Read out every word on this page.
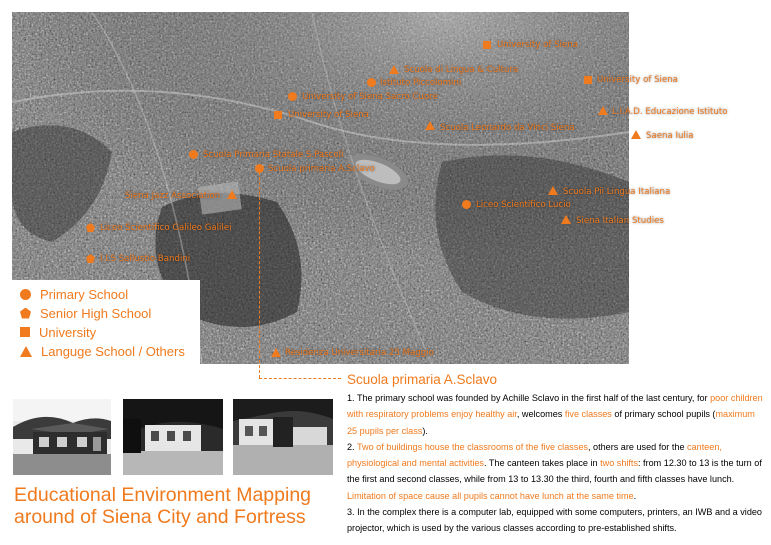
University of Siena
Scuola di Lingua & Cultura
Istituto Piccolomini	University of Siena
University of Siena Sacro Cuore
L.I.A.D. Educazione Istituto
University of Siena
Scuola Leonardo da Vinci Siena
Saena Iulia
Scuola Primaria Statale S.Pascoli
Scuola primaria A.Sclavo
Scuola Pii Lingua Italiana
Siena Jazz Association
Liceo Scientifico Lucio
Siena Italian Studies
Liceo Scientifico Galileo Galilei
I.I.S Sallustio Bandini
Residenza Universitaria 25 Maggio
Primary School
Senior High School
University
Languge School / Others
Educational Environment Mapping
around of Siena City and Fortress
Scuola primaria A.Sclavo
1. The primary school was founded by Achille Sclavo in the first half of the last century, for poor children with respiratory problems enjoy healthy air, welcomes five classes of primary school pupils (maximum 25 pupils per class).
2. Two of buildings house the classrooms of the five classes, others are used for the canteen, physiological and mental activities. The canteen takes place in two shifts: from 12.30 to 13 is the turn of the first and second classes, while from 13 to 13.30 the third, fourth and fifth classes have lunch. Limitation of space cause all pupils cannot have lunch at the same time.
3. In the complex there is a computer lab, equipped with some computers, printers, an IWB and a video projector, which is used by the various classes according to pre-established shifts.
